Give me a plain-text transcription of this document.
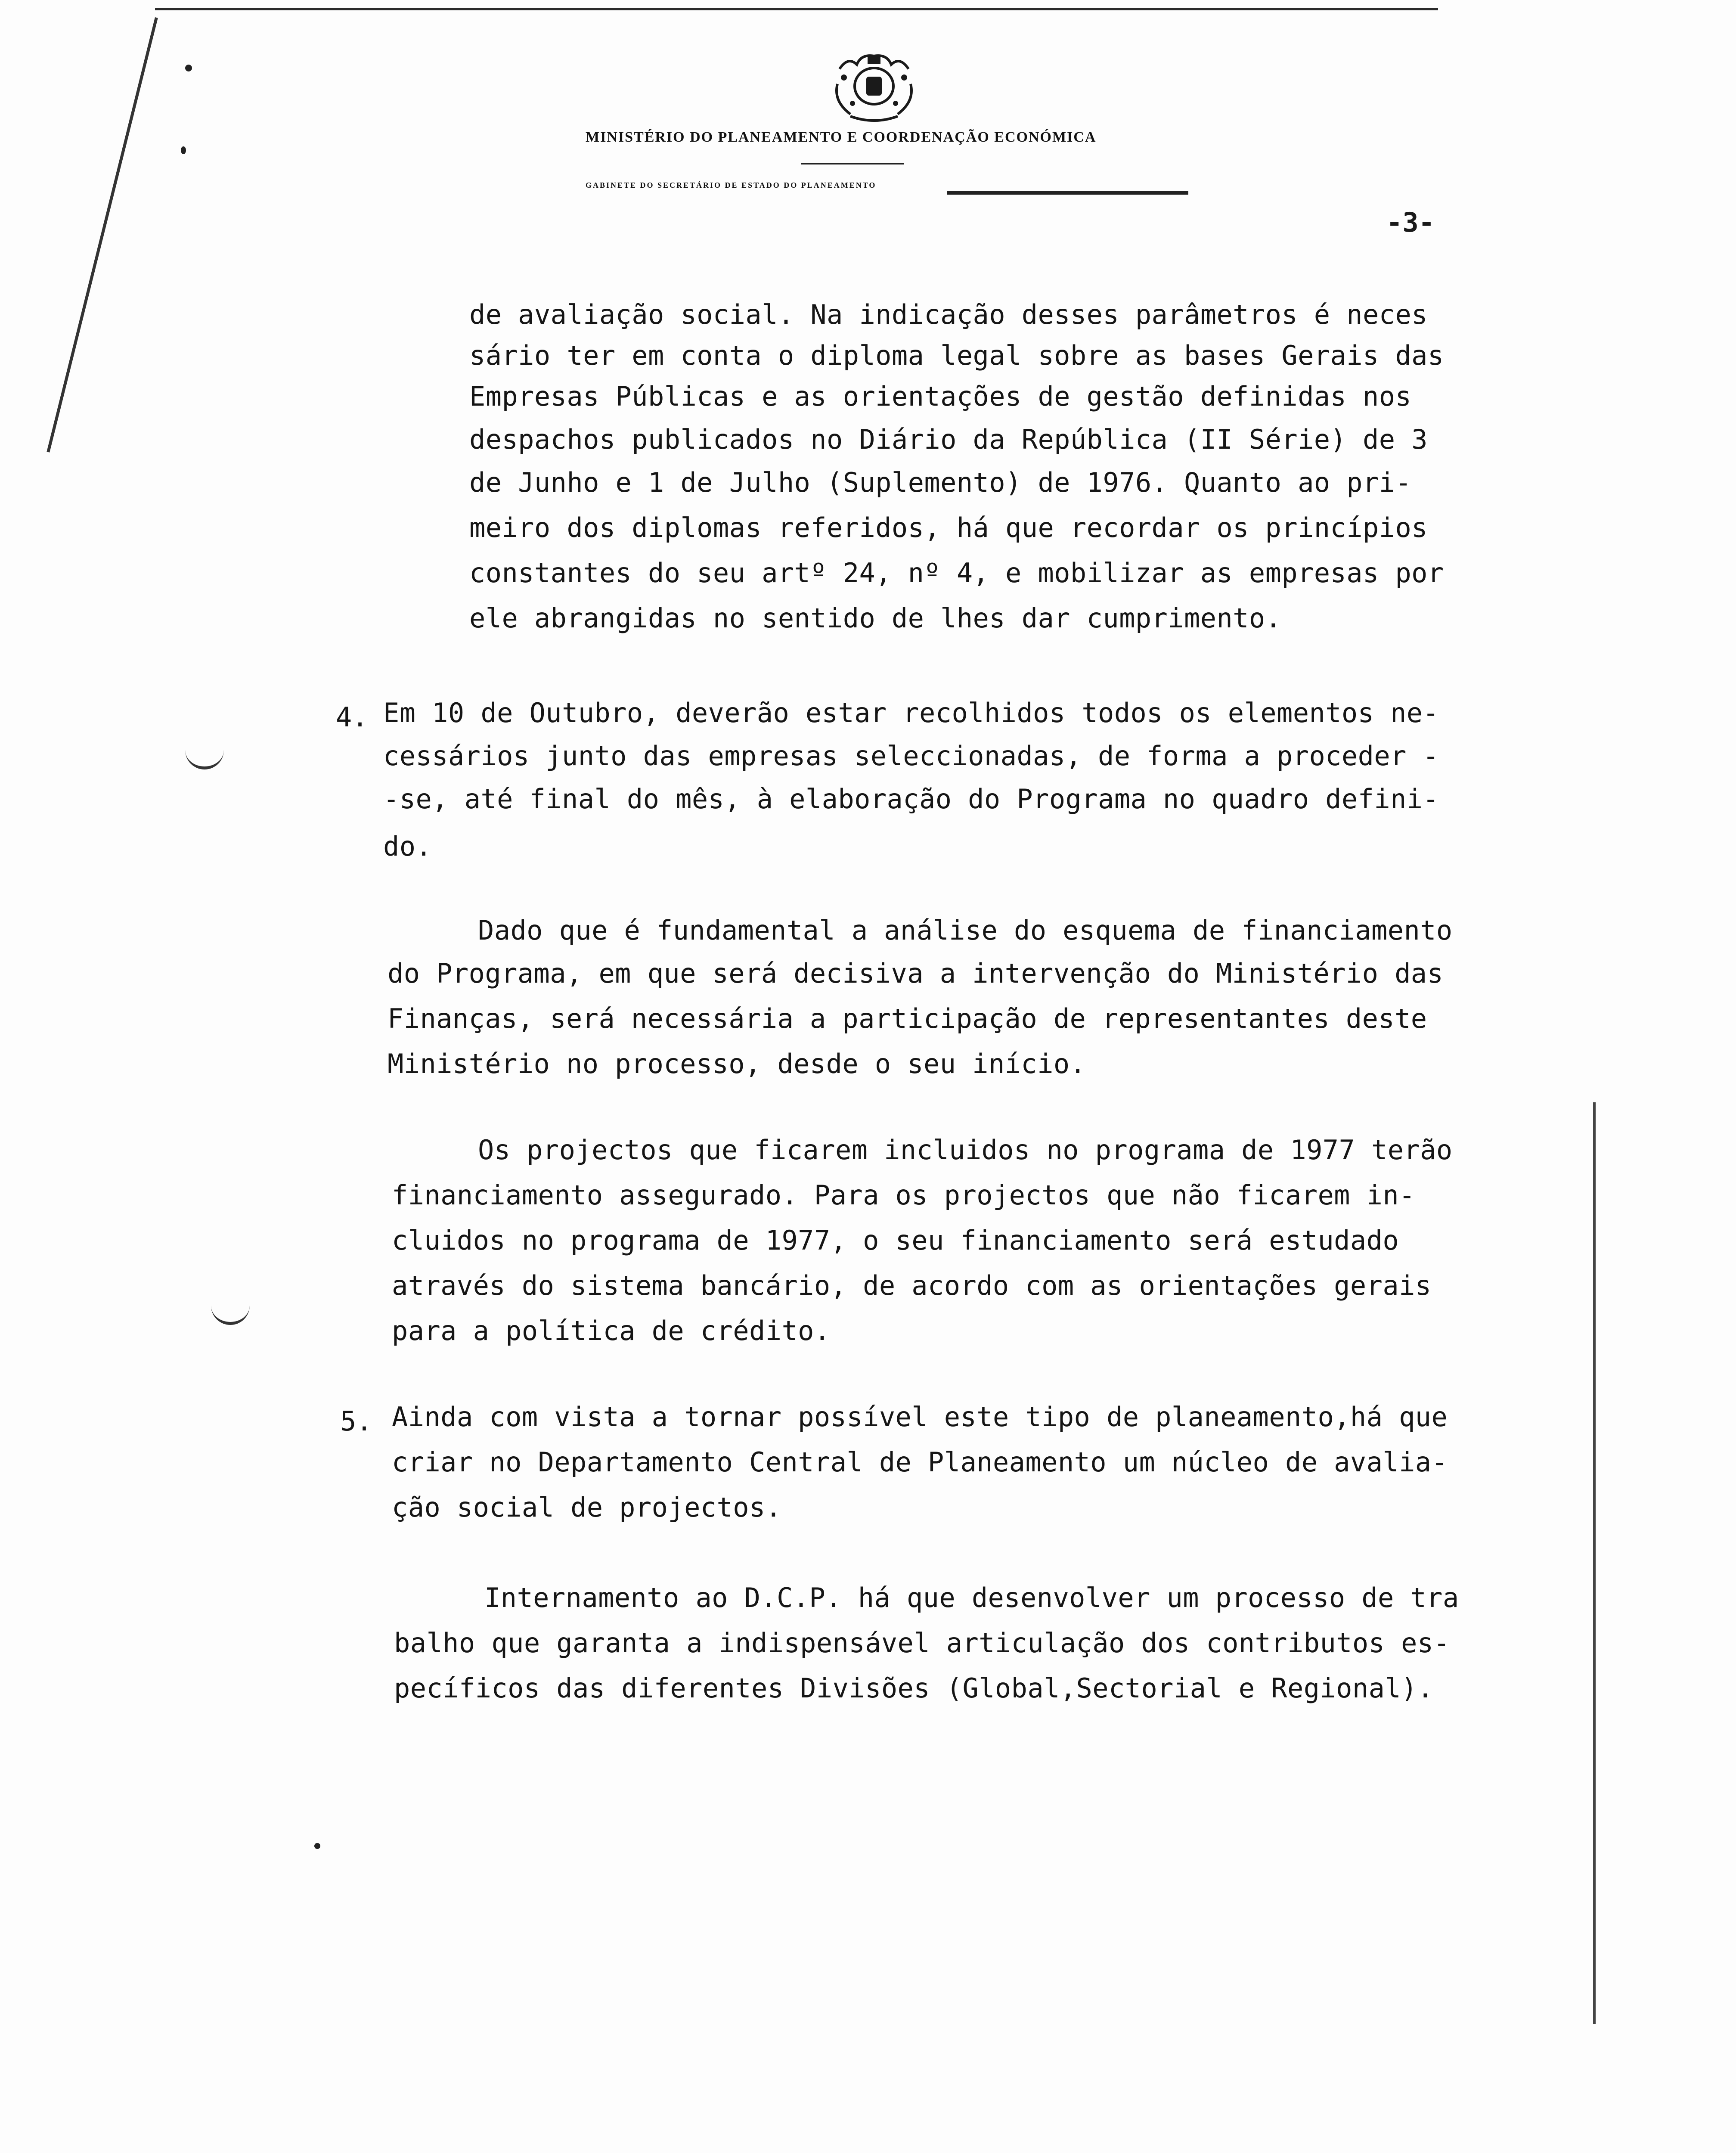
MINISTÉRIO DO PLANEAMENTO E COORDENAÇÃO ECONÓMICA
GABINETE DO SECRETÁRIO DE ESTADO DO PLANEAMENTO
-3-
de avaliação social. Na indicação desses parâmetros é neces
sário ter em conta o diploma legal sobre as bases Gerais das
Empresas Públicas e as orientações de gestão definidas nos
despachos publicados no Diário da República (II Série) de 3
de Junho e 1 de Julho (Suplemento) de 1976. Quanto ao pri-
meiro dos diplomas referidos, há que recordar os princípios
constantes do seu artº 24, nº 4, e mobilizar as empresas por
ele abrangidas no sentido de lhes dar cumprimento.
4. Em 10 de Outubro, deverão estar recolhidos todos os elementos ne-
cessários junto das empresas seleccionadas, de forma a proceder -
-se, até final do mês, à elaboração do Programa no quadro defini-
do.
Dado que é fundamental a análise do esquema de financiamento
do Programa, em que será decisiva a intervenção do Ministério das
Finanças, será necessária a participação de representantes deste
Ministério no processo, desde o seu início.
Os projectos que ficarem incluidos no programa de 1977 terão
financiamento assegurado. Para os projectos que não ficarem in-
cluidos no programa de 1977, o seu financiamento será estudado
através do sistema bancário, de acordo com as orientações gerais
para a política de crédito.
5. Ainda com vista a tornar possível este tipo de planeamento,há que
criar no Departamento Central de Planeamento um núcleo de avalia-
ção social de projectos.
Internamento ao D.C.P. há que desenvolver um processo de tra
balho que garanta a indispensável articulação dos contributos es-
pecíficos das diferentes Divisões (Global,Sectorial e Regional).
